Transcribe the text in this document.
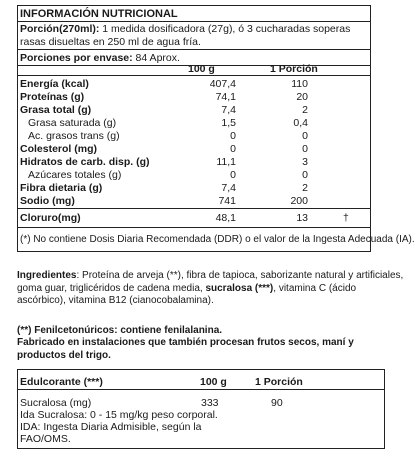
INFORMACIÓN NUTRICIONAL
Porción(270ml): 1 medida dosificadora (27g), ó 3 cucharadas soperas rasas disueltas en 250 ml de agua fría.
Porciones por envase: 84 Aprox.
100 g	1 Porción
Energía (kcal)	407,4	110
Proteínas (g)	74,1	20
Grasa total (g)	7,4	2
Grasa saturada (g)	1,5	0,4
Ac. grasos trans (g)	0	0
Colesterol (mg)	0	0
Hidratos de carb. disp. (g)	11,1	3
Azúcares totales (g)	0	0
Fibra dietaria (g)	7,4	2
Sodio (mg)	741	200
Cloruro(mg)	48,1	13	†
(*) No contiene Dosis Diaria Recomendada (DDR) o el valor de la Ingesta Adecuada (IA).
Ingredientes: Proteína de arveja (**), fibra de tapioca, saborizante natural y artificiales, goma guar, triglicéridos de cadena media, sucralosa (***), vitamina C (ácido ascórbico), vitamina B12 (cianocobalamina).
(**) Fenilcetonúricos: contiene fenilalanina.
Fabricado en instalaciones que también procesan frutos secos, maní y productos del trigo.
Edulcorante (***)	100 g	1 Porción
Sucralosa (mg)	333	90
Ida Sucralosa: 0 - 15 mg/kg peso corporal.
IDA: Ingesta Diaria Admisible, según la FAO/OMS.
